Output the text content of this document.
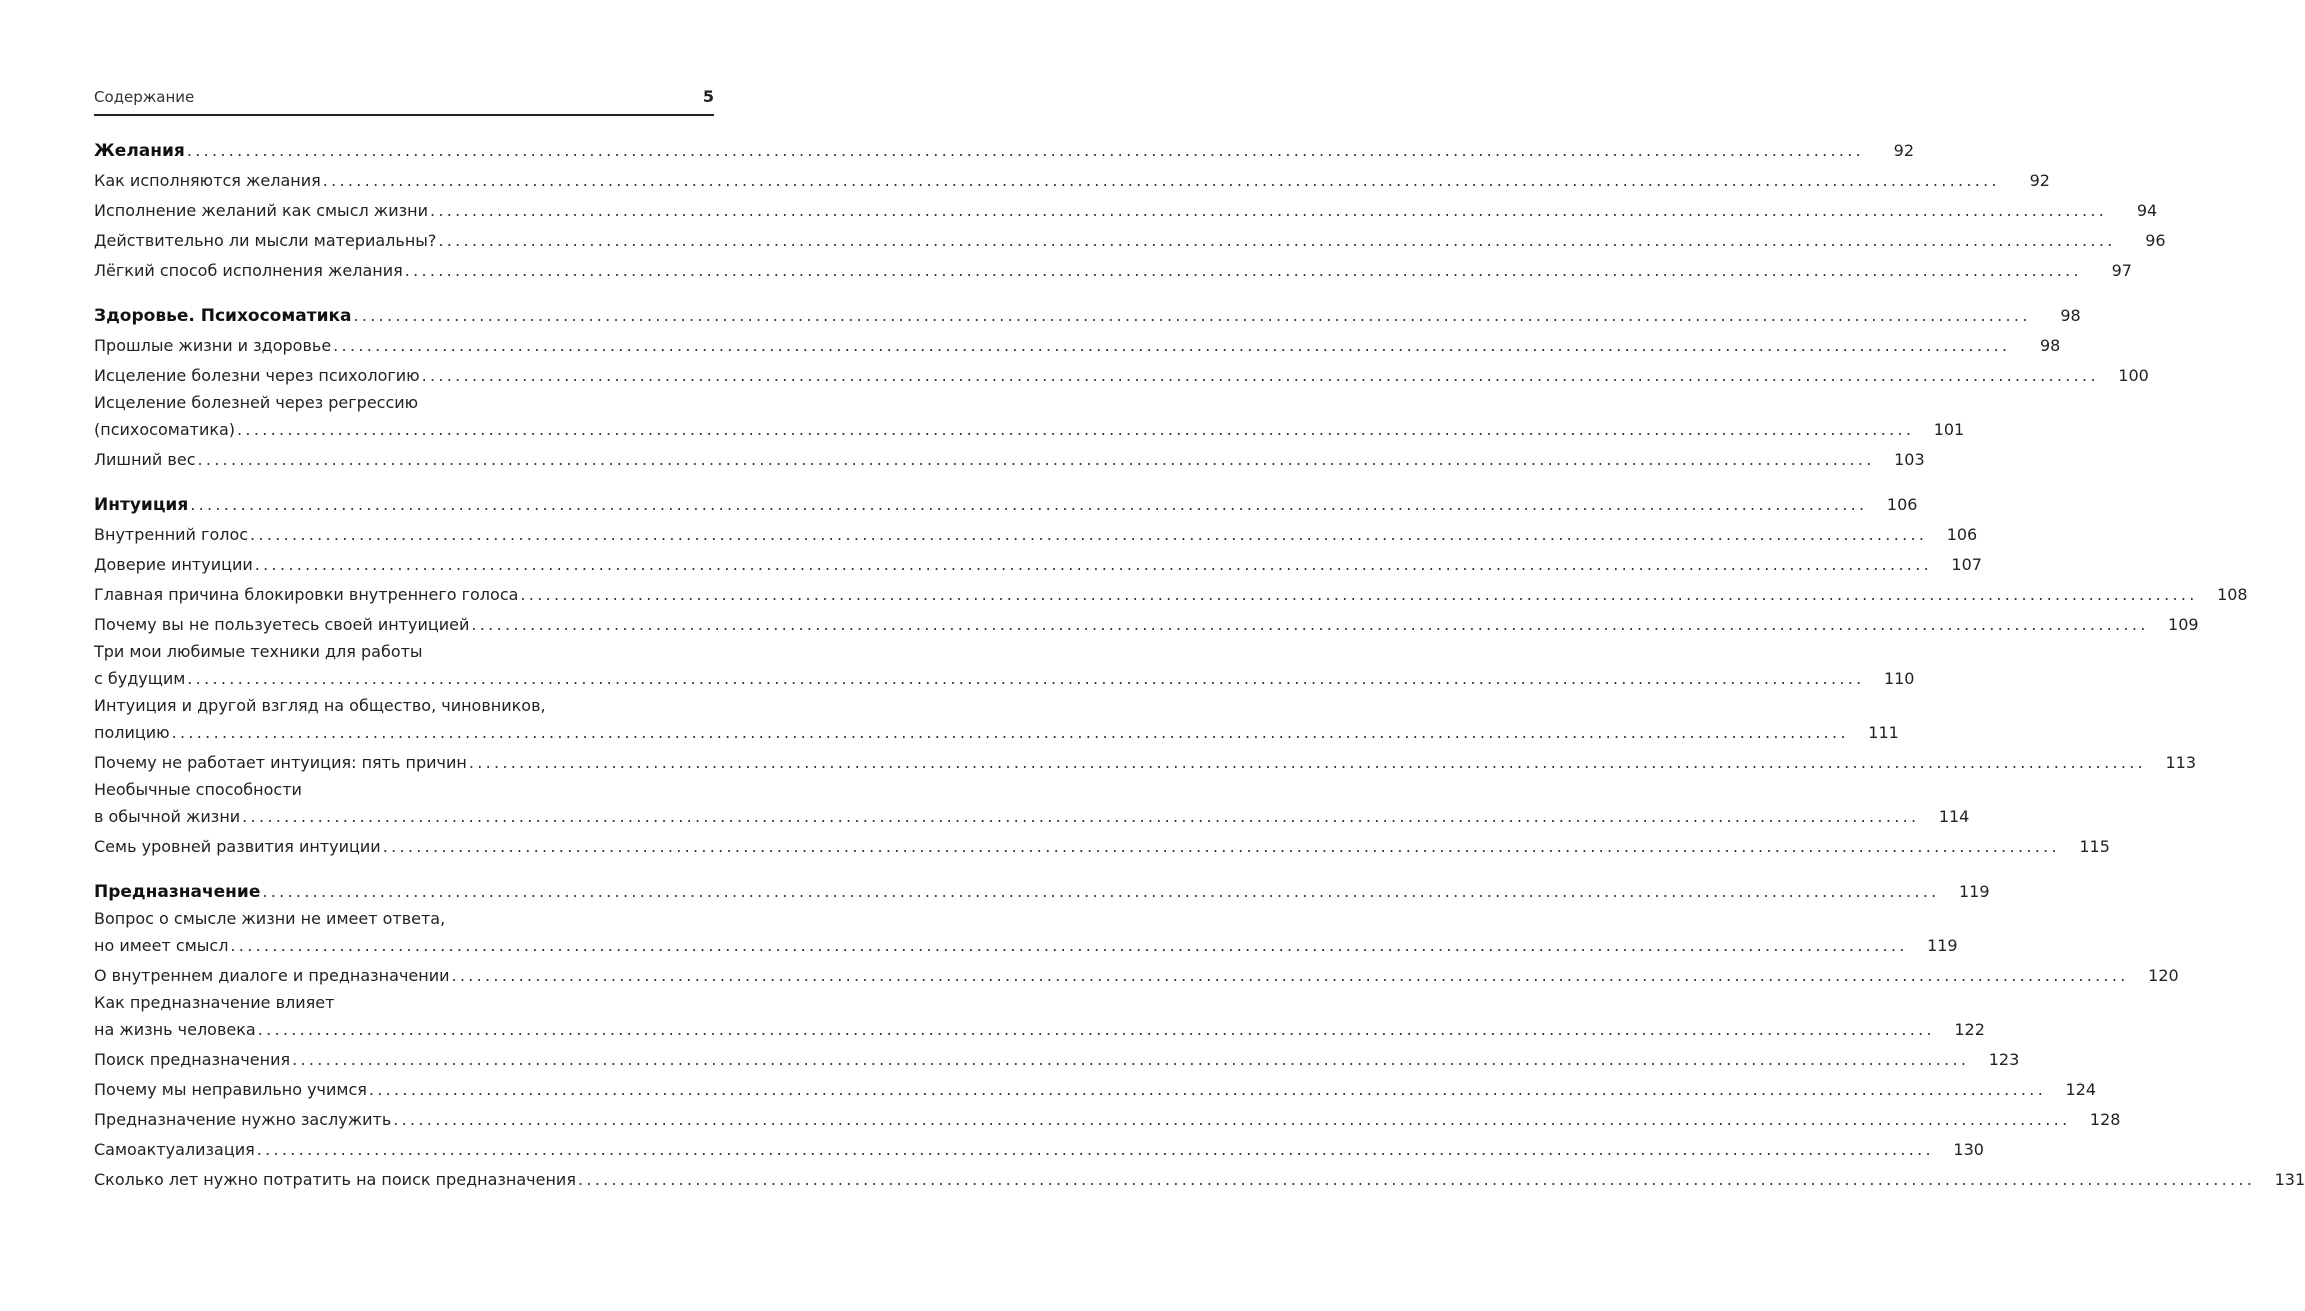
Содержание	5
Желания ........................................................................................................................................................................................................	92
Как исполняются желания ........................................................................................................................................................................................................	92
Исполнение желаний как смысл жизни ........................................................................................................................................................................................................	94
Действительно ли мысли материальны? ........................................................................................................................................................................................................	96
Лёгкий способ исполнения желания ........................................................................................................................................................................................................	97
Здоровье. Психосоматика ........................................................................................................................................................................................................	98
Прошлые жизни и здоровье ........................................................................................................................................................................................................	98
Исцеление болезни через психологию ........................................................................................................................................................................................................	100
Исцеление болезней через регрессию
(психосоматика) ........................................................................................................................................................................................................	101
Лишний вес ........................................................................................................................................................................................................	103
Интуиция ........................................................................................................................................................................................................	106
Внутренний голос ........................................................................................................................................................................................................	106
Доверие интуиции ........................................................................................................................................................................................................	107
Главная причина блокировки внутреннего голоса ........................................................................................................................................................................................................	108
Почему вы не пользуетесь своей интуицией ........................................................................................................................................................................................................	109
Три мои любимые техники для работы
с будущим ........................................................................................................................................................................................................	110
Интуиция и другой взгляд на общество, чиновников,
полицию ........................................................................................................................................................................................................	111
Почему не работает интуиция: пять причин ........................................................................................................................................................................................................	113
Необычные способности
в обычной жизни ........................................................................................................................................................................................................	114
Семь уровней развития интуиции ........................................................................................................................................................................................................	115
Предназначение ........................................................................................................................................................................................................	119
Вопрос о смысле жизни не имеет ответа,
но имеет смысл ........................................................................................................................................................................................................	119
О внутреннем диалоге и предназначении ........................................................................................................................................................................................................	120
Как предназначение влияет
на жизнь человека ........................................................................................................................................................................................................	122
Поиск предназначения ........................................................................................................................................................................................................	123
Почему мы неправильно учимся ........................................................................................................................................................................................................	124
Предназначение нужно заслужить ........................................................................................................................................................................................................	128
Самоактуализация ........................................................................................................................................................................................................	130
Сколько лет нужно потратить на поиск предназначения ........................................................................................................................................................................................................	131
